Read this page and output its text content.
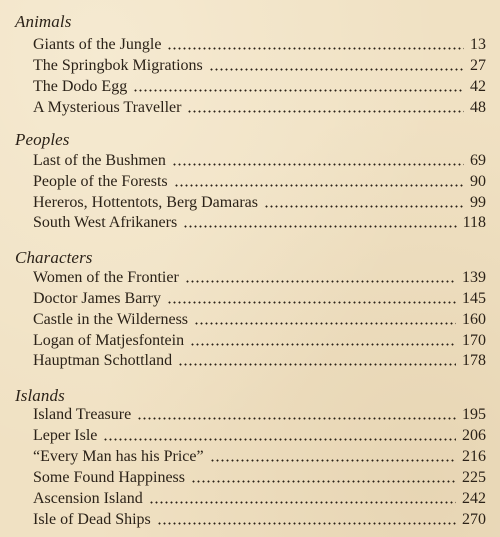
Animals
Giants of the Jungle	13
The Springbok Migrations	27
The Dodo Egg	42
A Mysterious Traveller	48
Peoples
Last of the Bushmen	69
People of the Forests	90
Hereros, Hottentots, Berg Damaras	99
South West Afrikaners	118
Characters
Women of the Frontier	139
Doctor James Barry	145
Castle in the Wilderness	160
Logan of Matjesfontein	170
Hauptman Schottland	178
Islands
Island Treasure	195
Leper Isle	206
“Every Man has his Price”	216
Some Found Happiness	225
Ascension Island	242
Isle of Dead Ships	270
